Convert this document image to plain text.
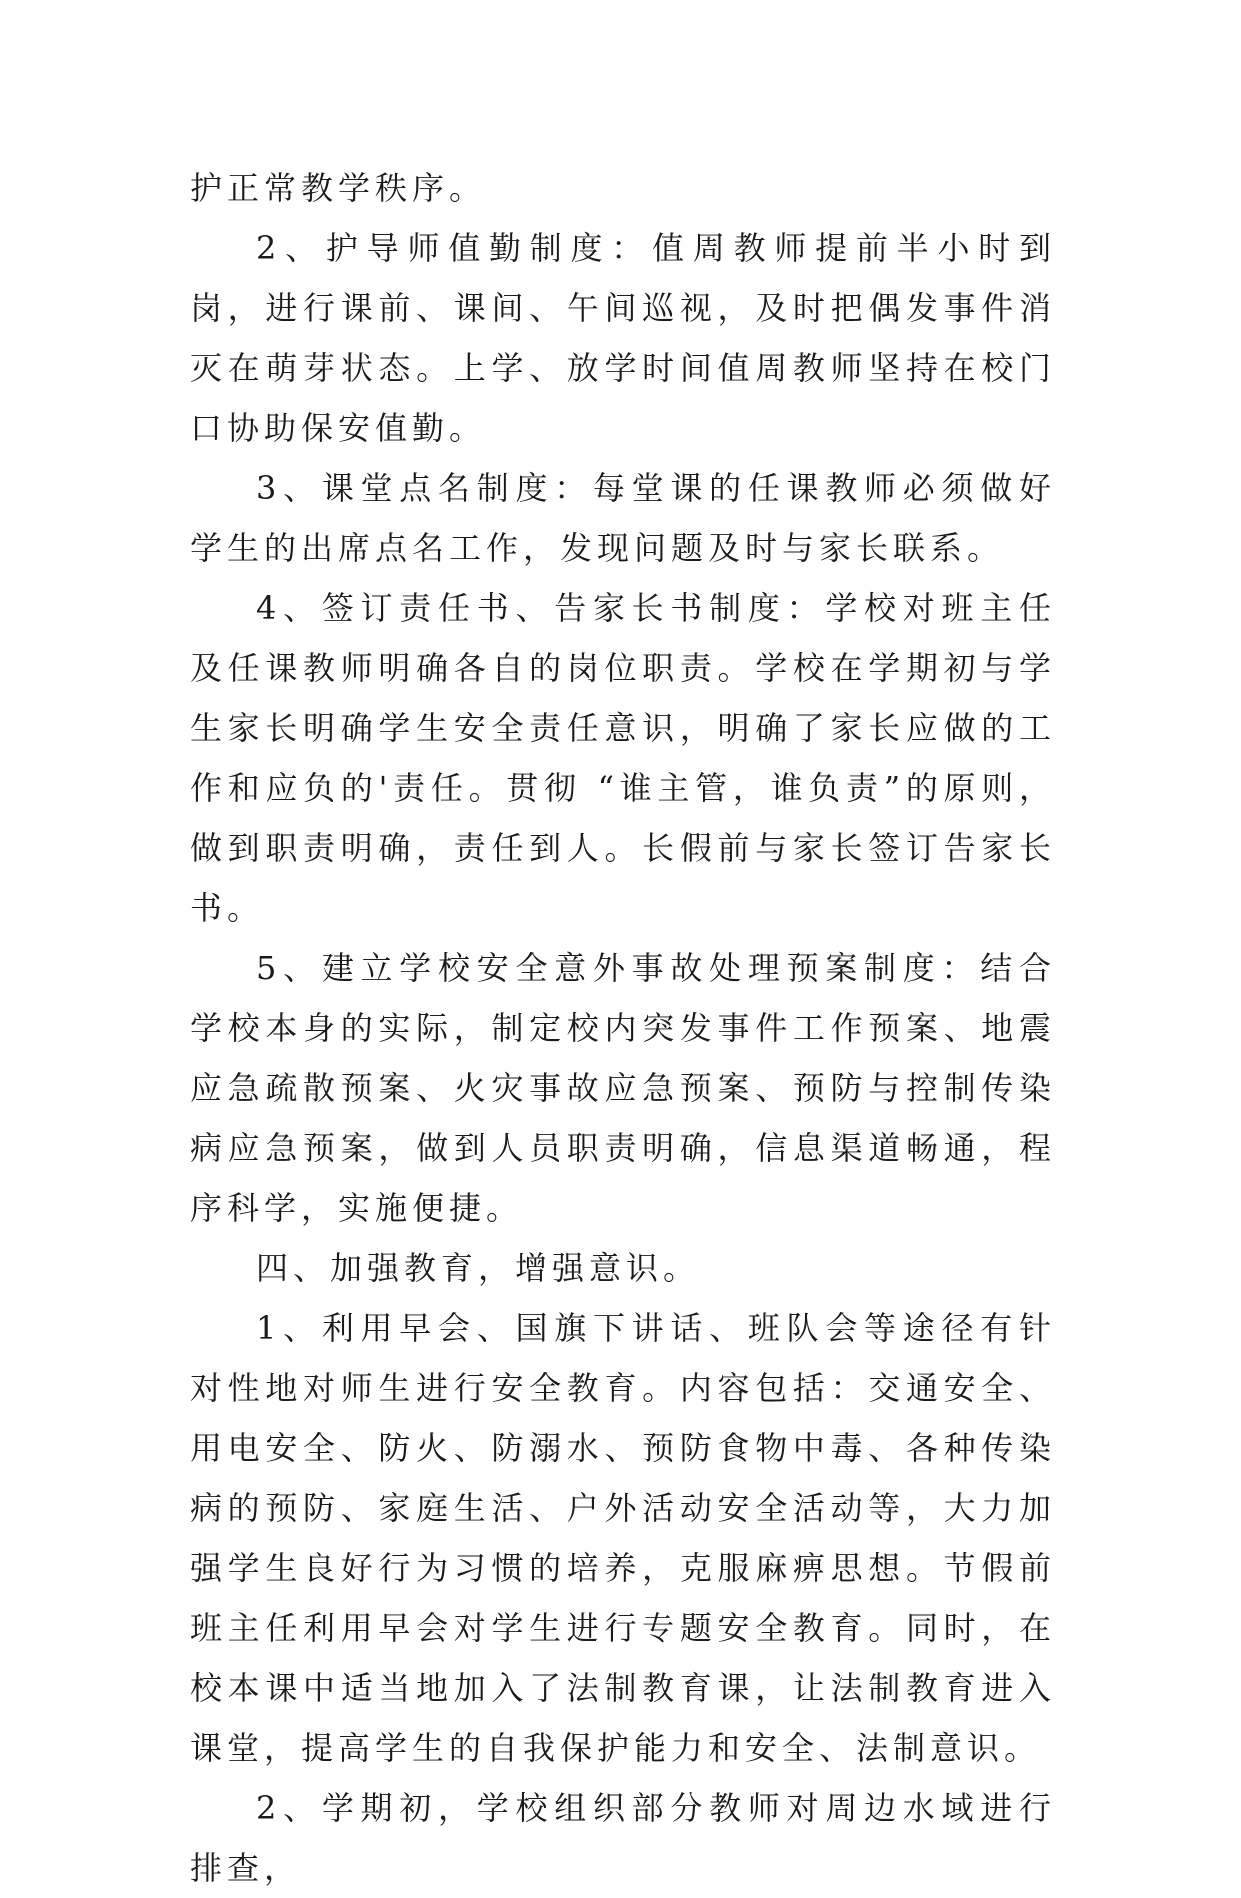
护正常教学秩序。

2、护导师值勤制度：值周教师提前半小时到岗，进行课前、课间、午间巡视，及时把偶发事件消灭在萌芽状态。上学、放学时间值周教师坚持在校门口协助保安值勤。

3、课堂点名制度：每堂课的任课教师必须做好学生的出席点名工作，发现问题及时与家长联系。

4、签订责任书、告家长书制度：学校对班主任及任课教师明确各自的岗位职责。学校在学期初与学生家长明确学生安全责任意识，明确了家长应做的工作和应负的'责任。贯彻 “谁主管，谁负责”的原则，做到职责明确，责任到人。长假前与家长签订告家长书。

5、建立学校安全意外事故处理预案制度：结合学校本身的实际，制定校内突发事件工作预案、地震应急疏散预案、火灾事故应急预案、预防与控制传染病应急预案，做到人员职责明确，信息渠道畅通，程序科学，实施便捷。

四、加强教育，增强意识。

1、利用早会、国旗下讲话、班队会等途径有针对性地对师生进行安全教育。内容包括：交通安全、用电安全、防火、防溺水、预防食物中毒、各种传染病的预防、家庭生活、户外活动安全活动等，大力加强学生良好行为习惯的培养，克服麻痹思想。节假前班主任利用早会对学生进行专题安全教育。同时，在校本课中适当地加入了法制教育课，让法制教育进入课堂，提高学生的自我保护能力和安全、法制意识。

2、学期初，学校组织部分教师对周边水域进行排查，
